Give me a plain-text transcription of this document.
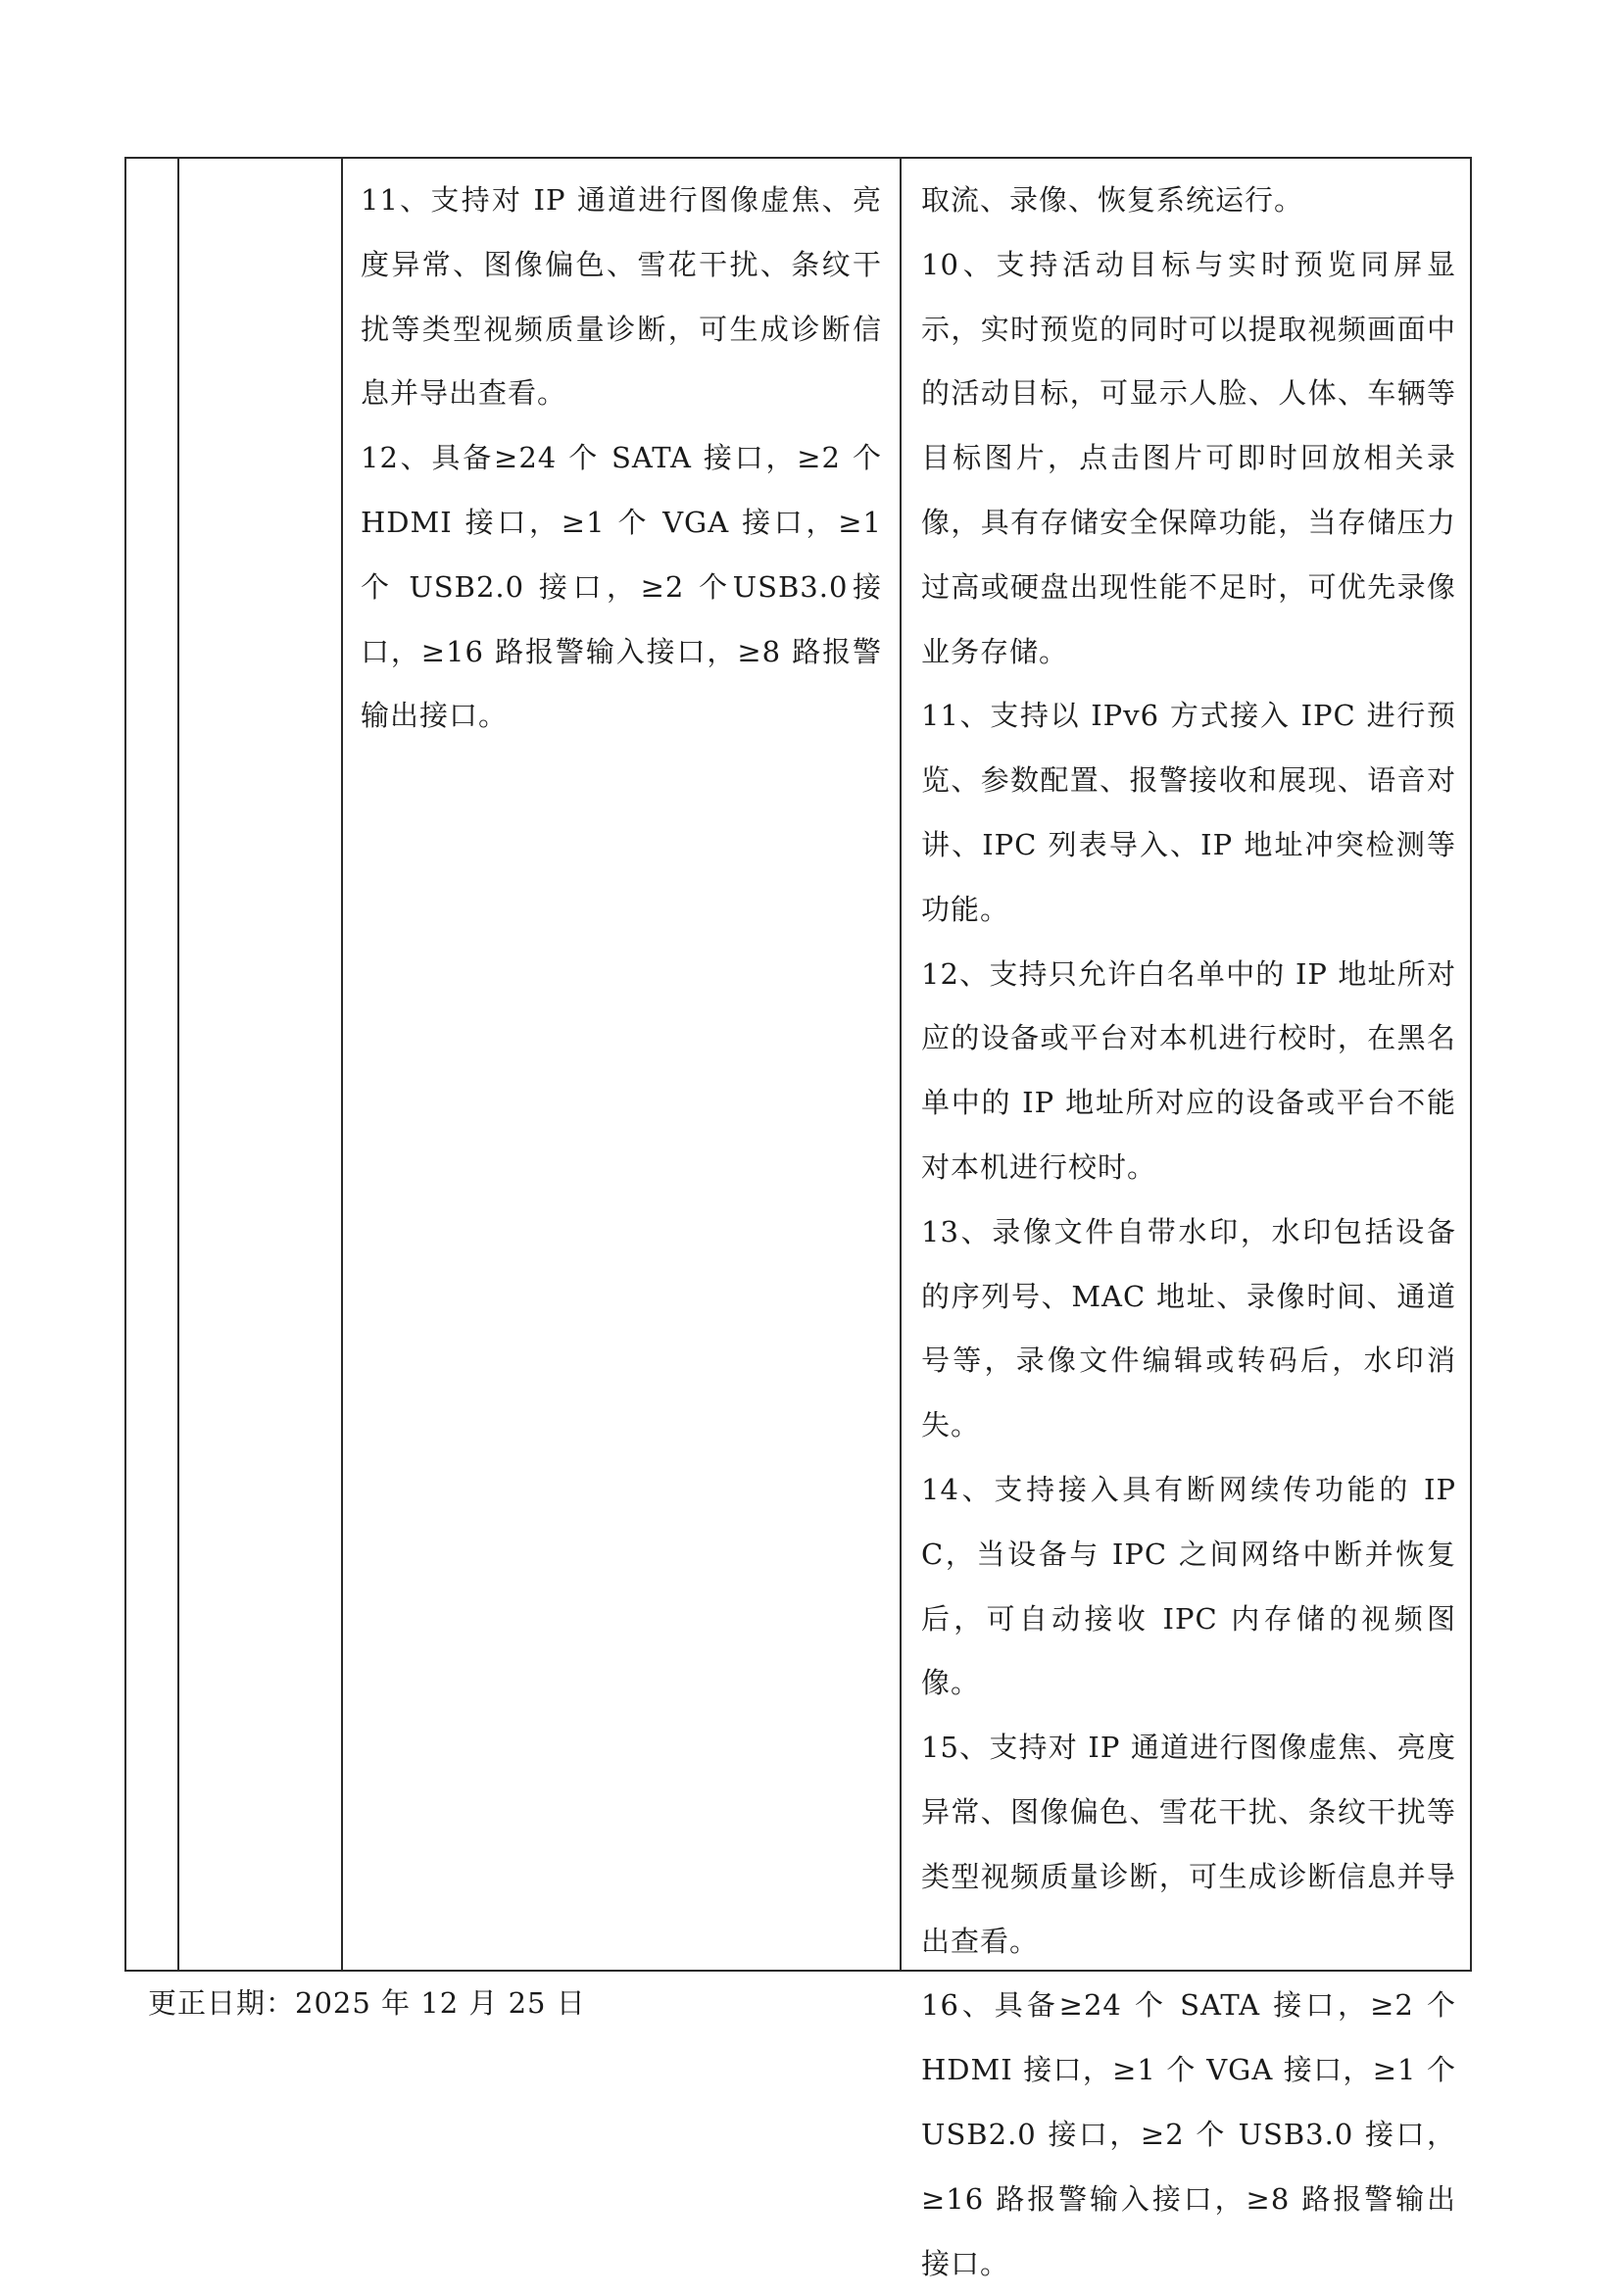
11、支持对 IP 通道进行图像虚焦、亮度异常、图像偏色、雪花干扰、条纹干扰等类型视频质量诊断，可生成诊断信息并导出查看。

12、具备≥24 个 SATA 接口，≥2 个 HDMI 接口，≥1 个 VGA 接口，≥1 个 USB2.0 接口，≥2 个USB3.0接口，≥16 路报警输入接口，≥8 路报警输出接口。

取流、录像、恢复系统运行。

10、支持活动目标与实时预览同屏显示，实时预览的同时可以提取视频画面中的活动目标，可显示人脸、人体、车辆等目标图片，点击图片可即时回放相关录像，具有存储安全保障功能，当存储压力过高或硬盘出现性能不足时，可优先录像业务存储。

11、支持以 IPv6 方式接入 IPC 进行预览、参数配置、报警接收和展现、语音对讲、IPC 列表导入、IP 地址冲突检测等功能。

12、支持只允许白名单中的 IP 地址所对应的设备或平台对本机进行校时，在黑名单中的 IP 地址所对应的设备或平台不能对本机进行校时。

13、录像文件自带水印，水印包括设备的序列号、MAC 地址、录像时间、通道号等，录像文件编辑或转码后，水印消失。

14、支持接入具有断网续传功能的 IPC，当设备与 IPC 之间网络中断并恢复后，可自动接收 IPC 内存储的视频图像。

15、支持对 IP 通道进行图像虚焦、亮度异常、图像偏色、雪花干扰、条纹干扰等类型视频质量诊断，可生成诊断信息并导出查看。

16、具备≥24 个 SATA 接口，≥2 个 HDMI 接口，≥1 个 VGA 接口，≥1 个 USB2.0 接口，≥2 个 USB3.0 接口，≥16 路报警输入接口，≥8 路报警输出接口。

更正日期：2025 年 12 月 25 日
